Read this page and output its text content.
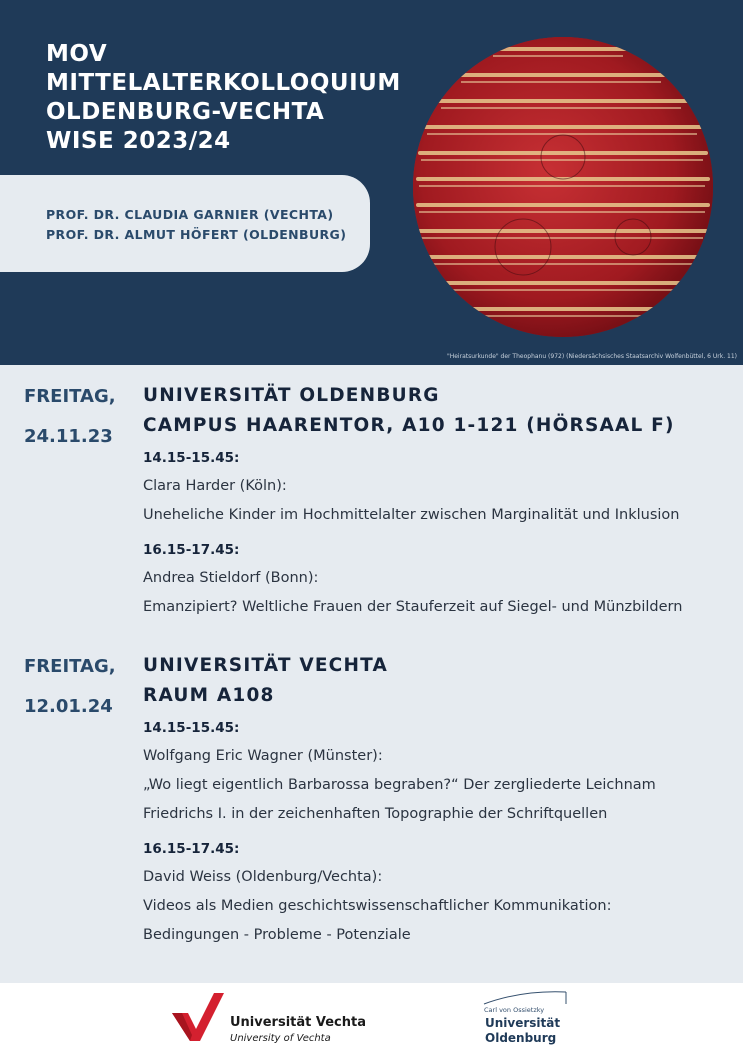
MOV
MITTELALTERKOLLOQUIUM
OLDENBURG-VECHTA
WISE 2023/24
PROF. DR. CLAUDIA GARNIER (VECHTA)
PROF. DR. ALMUT HÖFERT (OLDENBURG)
"Heiratsurkunde" der Theophanu (972) (Niedersächsisches Staatsarchiv Wolfenbüttel, 6 Urk. 11)
FREITAG,
24.11.23
UNIVERSITÄT OLDENBURG
CAMPUS HAARENTOR, A10 1-121 (HÖRSAAL F)
14.15-15.45:
Clara Harder (Köln):
Uneheliche Kinder im Hochmittelalter zwischen Marginalität und Inklusion
16.15-17.45:
Andrea Stieldorf (Bonn):
Emanzipiert? Weltliche Frauen der Stauferzeit auf Siegel- und Münzbildern
FREITAG,
12.01.24
UNIVERSITÄT VECHTA
RAUM A108
14.15-15.45:
Wolfgang Eric Wagner (Münster):
„Wo liegt eigentlich Barbarossa begraben?“ Der zergliederte Leichnam
Friedrichs I. in der zeichenhaften Topographie der Schriftquellen
16.15-17.45:
David Weiss (Oldenburg/Vechta):
Videos als Medien geschichtswissenschaftlicher Kommunikation:
Bedingungen - Probleme - Potenziale
Universität Vechta
University of Vechta
Carl von Ossietzky
Universität
Oldenburg
